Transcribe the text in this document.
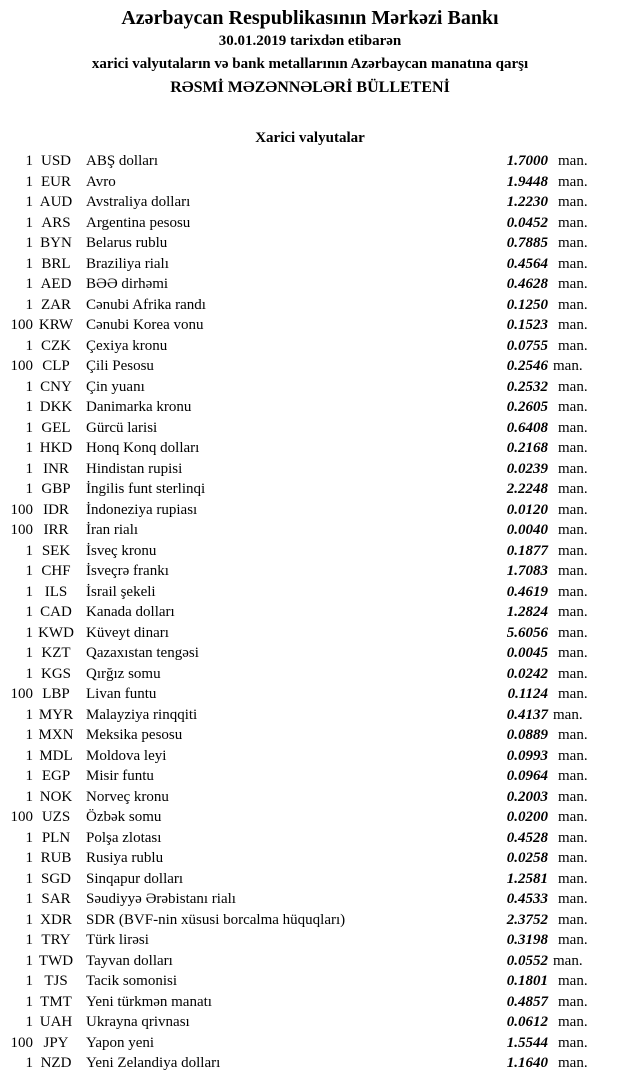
Azərbaycan Respublikasının Mərkəzi Bankı
30.01.2019 tarixdən etibarən
xarici valyutaların və bank metallarının Azərbaycan manatına qarşı
RƏSMİ MƏZƏNNƏLƏRİ BÜLLETENİ
Xarici valyutalar
1 USD	ABŞ dolları	1.7000 man.
1 EUR	Avro	1.9448 man.
1 AUD Avstraliya dolları	1.2230 man.
1 ARS	Argentina pesosu	0.0452 man.
1 BYN Belarus rublu	0.7885 man.
1 BRL	Braziliya rialı	0.4564 man.
1 AED BƏƏ dirhəmi	0.4628 man.
1 ZAR	Cənubi Afrika randı	0.1250 man.
100 KRW Cənubi Korea vonu	0.1523 man.
1 CZK	Çexiya kronu	0.0755 man.
100 CLP	Çili Pesosu	0.2546 man.
1 CNY Çin yuanı	0.2532 man.
1 DKK Danimarka kronu	0.2605 man.
1 GEL	Gürcü larisi	0.6408 man.
1 HKD Honq Konq dolları	0.2168 man.
1 INR	Hindistan rupisi	0.0239 man.
1 GBP	İngilis funt sterlinqi	2.2248 man.
100 IDR	İndoneziya rupiası	0.0120 man.
100 IRR	İran rialı	0.0040 man.
1 SEK	İsveç kronu	0.1877 man.
1 CHF	İsveçrə frankı	1.7083 man.
1 ILS	İsrail şekeli	0.4619 man.
1 CAD Kanada dolları	1.2824 man.
1 KWD Küveyt dinarı	5.6056 man.
1 KZT	Qazaxıstan tengəsi	0.0045 man.
1 KGS	Qırğız somu	0.0242 man.
100 LBP	Livan funtu	0.1124 man.
1 MYR Malayziya rinqqiti	0.4137 man.
1 MXN Meksika pesosu	0.0889 man.
1 MDL Moldova leyi	0.0993 man.
1 EGP	Misir funtu	0.0964 man.
1 NOK Norveç kronu	0.2003 man.
100 UZS	Özbək somu	0.0200 man.
1 PLN	Polşa zlotası	0.4528 man.
1 RUB Rusiya rublu	0.0258 man.
1 SGD	Sinqapur dolları	1.2581 man.
1 SAR	Səudiyyə Ərəbistanı rialı	0.4533 man.
1 XDR SDR (BVF-nin xüsusi borcalma hüquqları)	2.3752 man.
1 TRY	Türk lirəsi	0.3198 man.
1 TWD Tayvan dolları	0.0552 man.
1 TJS	Tacik somonisi	0.1801 man.
1 TMT Yeni türkmən manatı	0.4857 man.
1 UAH Ukrayna qrivnası	0.0612 man.
100 JPY	Yapon yeni	1.5544 man.
1 NZD Yeni Zelandiya dolları	1.1640 man.
